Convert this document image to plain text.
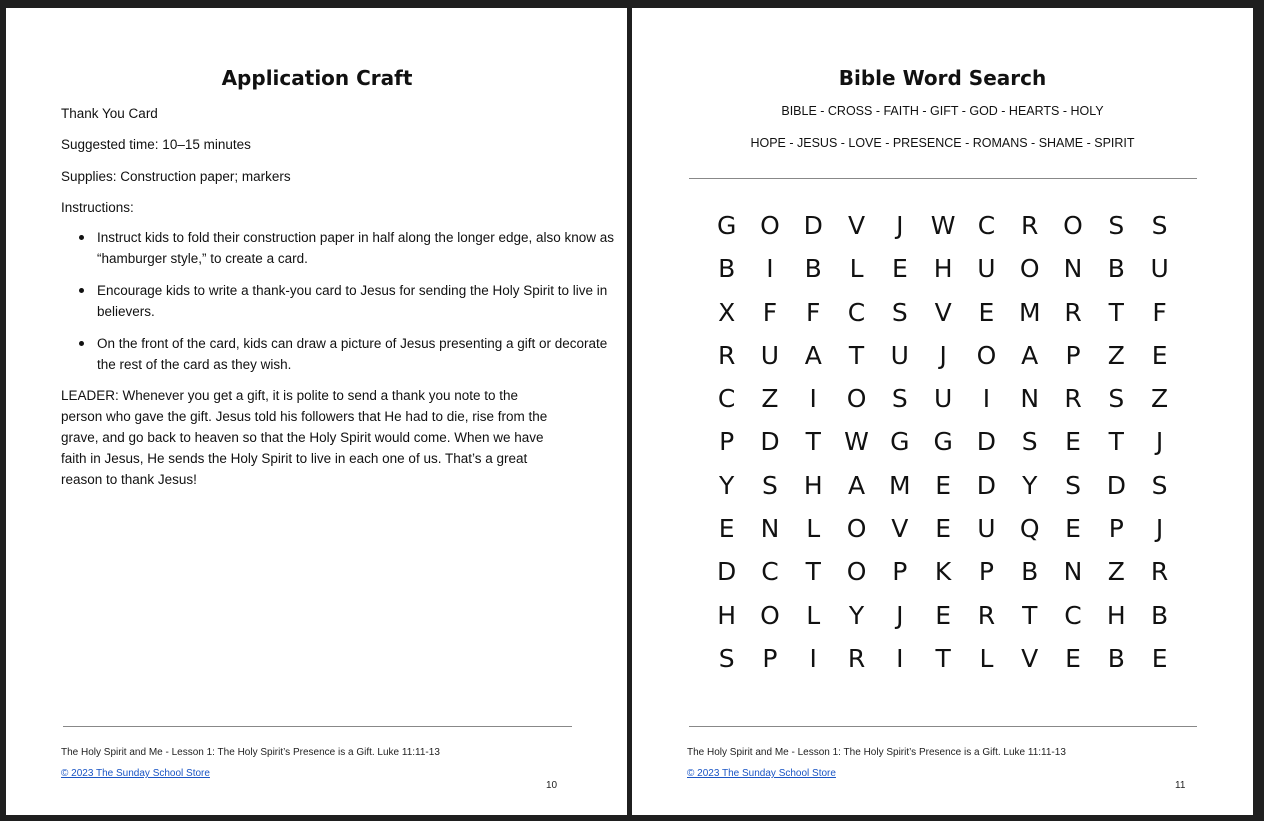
Application Craft
Thank You Card
Suggested time: 10–15 minutes
Supplies: Construction paper; markers
Instructions:
Instruct kids to fold their construction paper in half along the longer edge, also know as “hamburger style,” to create a card.
Encourage kids to write a thank-you card to Jesus for sending the Holy Spirit to live in believers.
On the front of the card, kids can draw a picture of Jesus presenting a gift or decorate the rest of the card as they wish.
LEADER: Whenever you get a gift, it is polite to send a thank you note to the person who gave the gift. Jesus told his followers that He had to die, rise from the grave, and go back to heaven so that the Holy Spirit would come. When we have faith in Jesus, He sends the Holy Spirit to live in each one of us. That’s a great reason to thank Jesus!
The Holy Spirit and Me - Lesson 1: The Holy Spirit’s Presence is a Gift. Luke 11:11-13
© 2023 The Sunday School Store
10
Bible Word Search
BIBLE - CROSS - FAITH - GIFT - GOD - HEARTS - HOLY
HOPE - JESUS - LOVE - PRESENCE - ROMANS - SHAME - SPIRIT
G O D	V	J	W C	R O	S	S
B	I	B	L	E	H U O N	B	U
X	F	F	C	S	V	E M R	T	F
R	U	A	T	U	J	O A	P	Z	E
C	Z	I	O	S	U	I	N	R	S	Z
P	D	T W G G D	S	E	T	J
Y	S	H	A M E	D	Y	S	D	S
E	N	L	O V	E	U Q	E	P	J
D C	T	O	P	K	P	B	N	Z	R
H O	L	Y	J	E	R	T	C	H	B
S	P	I	R	I	T	L	V	E	B	E
The Holy Spirit and Me - Lesson 1: The Holy Spirit’s Presence is a Gift. Luke 11:11-13
© 2023 The Sunday School Store
11
